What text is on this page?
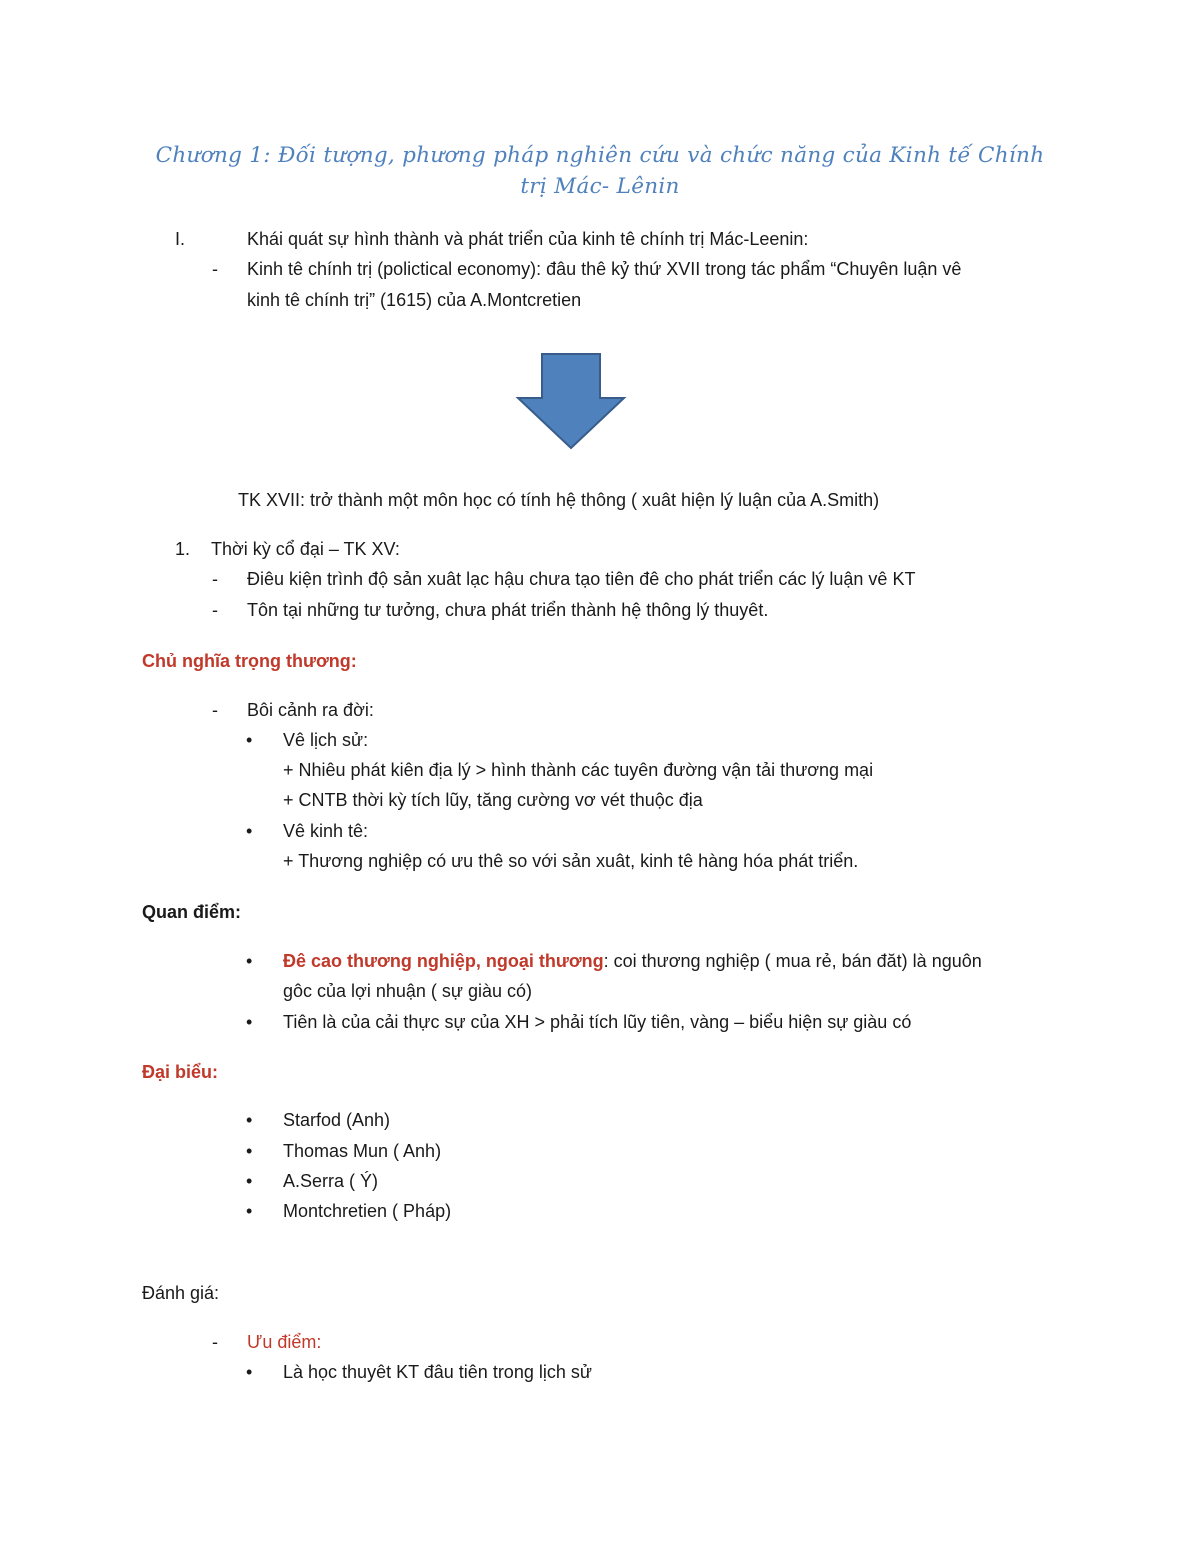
Chương 1: Đối tượng, phương pháp nghiên cứu và chức năng của Kinh tế Chính
trị Mác- Lênin
I.	Khái quát sự hình thành và phát triển của kinh tê chính trị Mác-Leenin:
- Kinh tê chính trị (polictical economy): đâu thê kỷ thứ XVII trong tác phẩm “Chuyên luận vê
kinh tê chính trị” (1615) của A.Montcretien
TK XVII: trở thành một môn học có tính hệ thông ( xuât hiện lý luận của A.Smith)
1. Thời kỳ cổ đại – TK XV:
- Điêu kiện trình độ sản xuât lạc hậu chưa tạo tiên đê cho phát triển các lý luận vê KT
- Tôn tại những tư tưởng, chưa phát triển thành hệ thông lý thuyêt.
Chủ nghĩa trọng thương:
- Bôi cảnh ra đời:
• Vê lịch sử:
+ Nhiêu phát kiên địa lý > hình thành các tuyên đường vận tải thương mại
+ CNTB thời kỳ tích lũy, tăng cường vơ vét thuộc địa
• Vê kinh tê:
+ Thương nghiệp có ưu thê so với sản xuât, kinh tê hàng hóa phát triển.
Quan điểm:
• Đê cao thương nghiệp, ngoại thương: coi thương nghiệp ( mua rẻ, bán đăt) là nguôn
gôc của lợi nhuận ( sự giàu có)
• Tiên là của cải thực sự của XH > phải tích lũy tiên, vàng – biểu hiện sự giàu có
Đại biểu:
• Starfod (Anh)
• Thomas Mun ( Anh)
• A.Serra ( Ý)
• Montchretien ( Pháp)
Đánh giá:
- Ưu điểm:
• Là học thuyêt KT đâu tiên trong lịch sử
